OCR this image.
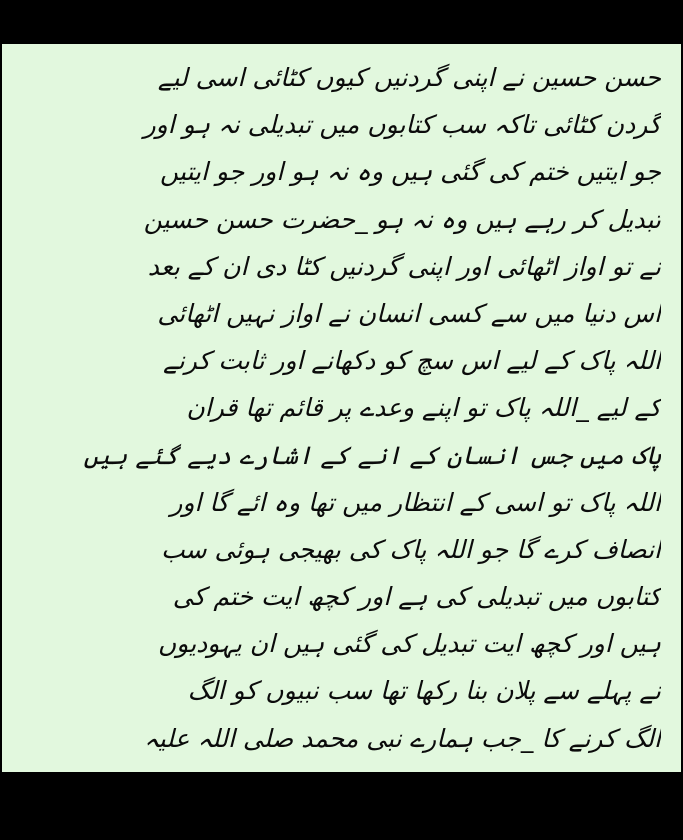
حسن حسین نے اپنی گردنیں کیوں کٹائی اسی لیے
گردن کٹائی تاکہ سب کتابوں میں تبدیلی نہ ہو اور
جو ایتیں ختم کی گئی ہیں وہ نہ ہو اور جو ایتیں
تبدیل کر رہے ہیں وہ نہ ہو _حضرت حسن حسین
نے تو اواز اٹھائی اور اپنی گردنیں کٹا دی ان کے بعد
اس دنیا میں سے کسی انسان نے اواز نہیں اٹھائی
اللہ پاک کے لیے اس سچ کو دکھانے اور ثابت کرنے
کے لیے _اللہ پاک تو اپنے وعدے پر قائم تھا قران
پاک میں جس انسان کے انے کے اشارے دیے گئے ہیں
اللہ پاک تو اسی کے انتظار میں تھا وہ ائے گا اور
انصاف کرے گا جو اللہ پاک کی بھیجی ہوئی سب
کتابوں میں تبدیلی کی ہے اور کچھ ایت ختم کی
ہیں اور کچھ ایت تبدیل کی گئی ہیں ان یہودیوں
نے پہلے سے پلان بنا رکھا تھا سب نبیوں کو الگ
الگ کرنے کا _جب ہمارے نبی محمد صلی اللہ علیہ
